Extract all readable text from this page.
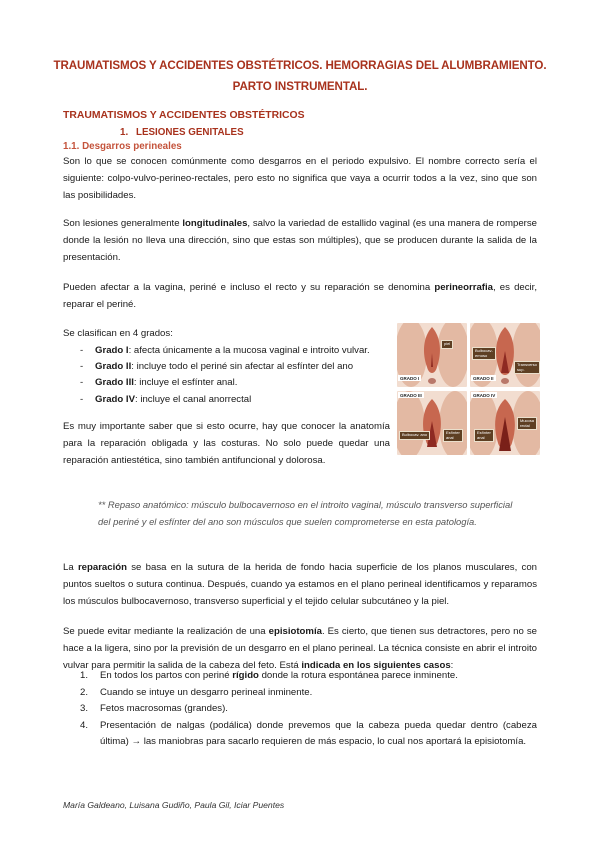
TRAUMATISMOS Y ACCIDENTES OBSTÉTRICOS. HEMORRAGIAS DEL ALUMBRAMIENTO.
PARTO INSTRUMENTAL.
TRAUMATISMOS Y ACCIDENTES OBSTÉTRICOS
1. LESIONES GENITALES
1.1. Desgarros perineales

Son lo que se conocen comúnmente como desgarros en el periodo expulsivo. El nombre correcto sería el siguiente: colpo-vulvo-perineo-rectales, pero esto no significa que vaya a ocurrir todos a la vez, sino que son las posibilidades.

Son lesiones generalmente longitudinales, salvo la variedad de estallido vaginal (es una manera de romperse donde la lesión no lleva una dirección, sino que estas son múltiples), que se producen durante la salida de la presentación.

Pueden afectar a la vagina, periné e incluso el recto y su reparación se denomina perineorrafia, es decir, reparar el periné.

Se clasifican en 4 grados:

- Grado I: afecta únicamente a la mucosa vaginal e introito vulvar.
- Grado II: incluye todo el periné sin afectar al esfínter del ano
- Grado III: incluye el esfínter anal.
- Grado IV: incluye el canal anorrectal

Es muy importante saber que si esto ocurre, hay que conocer la anatomía para la reparación obligada y las costuras. No solo puede quedar una reparación antiestética, sino también antifuncional y dolorosa.

GRADO I
piel
GRADO II
Bulbocav-
ernoso
Transverso
sup.
GRADO III
Bulbocav. ano	Esfínter
anal
GRADO IV
Esfínter
anal
Mucosa
rectal

** Repaso anatómico: músculo bulbocavernoso en el introito vaginal, músculo transverso superficial del periné y el esfínter del ano son músculos que suelen comprometerse en esta patología.

La reparación se basa en la sutura de la herida de fondo hacia superficie de los planos musculares, con puntos sueltos o sutura continua. Después, cuando ya estamos en el plano perineal identificamos y reparamos los músculos bulbocavernoso, transverso superficial y el tejido celular subcutáneo y la piel.

Se puede evitar mediante la realización de una episiotomía. Es cierto, que tienen sus detractores, pero no se hace a la ligera, sino por la previsión de un desgarro en el plano perineal. La técnica consiste en abrir el introito vulvar para permitir la salida de la cabeza del feto. Está indicada en los siguientes casos:

1. En todos los partos con periné rígido donde la rotura espontánea parece inminente.
2. Cuando se intuye un desgarro perineal inminente.
3. Fetos macrosomas (grandes).
4. Presentación de nalgas (podálica) donde prevemos que la cabeza pueda quedar dentro (cabeza última) → las maniobras para sacarlo requieren de más espacio, lo cual nos aportará la episiotomía.
María Galdeano, Luisana Gudiño, Paula Gil, Iciar Puentes
